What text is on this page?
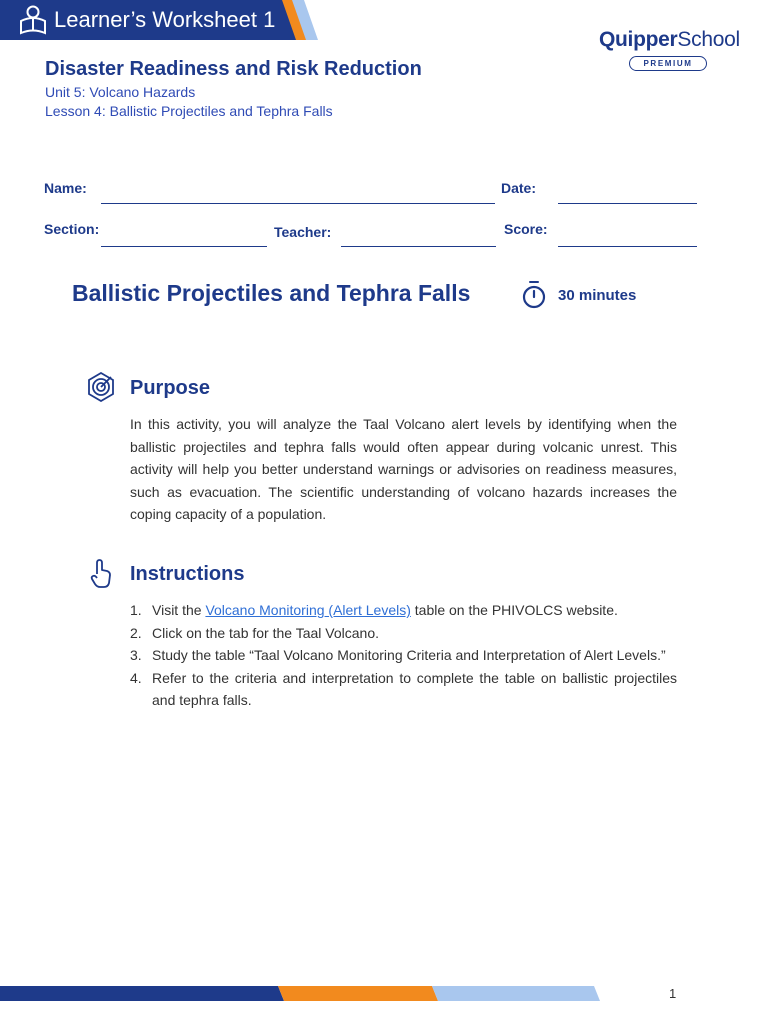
Learner’s Worksheet 1
QuipperSchool
PREMIUM
Disaster Readiness and Risk Reduction
Unit 5: Volcano Hazards
Lesson 4: Ballistic Projectiles and Tephra Falls
Name:	Date:
Section:	Teacher:	Score:
Ballistic Projectiles and Tephra Falls	30 minutes
Purpose
In this activity, you will analyze the Taal Volcano alert levels by identifying when the ballistic projectiles and tephra falls would often appear during volcanic unrest. This activity will help you better understand warnings or advisories on readiness measures, such as evacuation. The scientific understanding of volcano hazards increases the coping capacity of a population.
Instructions
1. Visit the Volcano Monitoring (Alert Levels) table on the PHIVOLCS website.
2. Click on the tab for the Taal Volcano.
3. Study the table “Taal Volcano Monitoring Criteria and Interpretation of Alert Levels.”
4. Refer to the criteria and interpretation to complete the table on ballistic projectiles and tephra falls.
1
